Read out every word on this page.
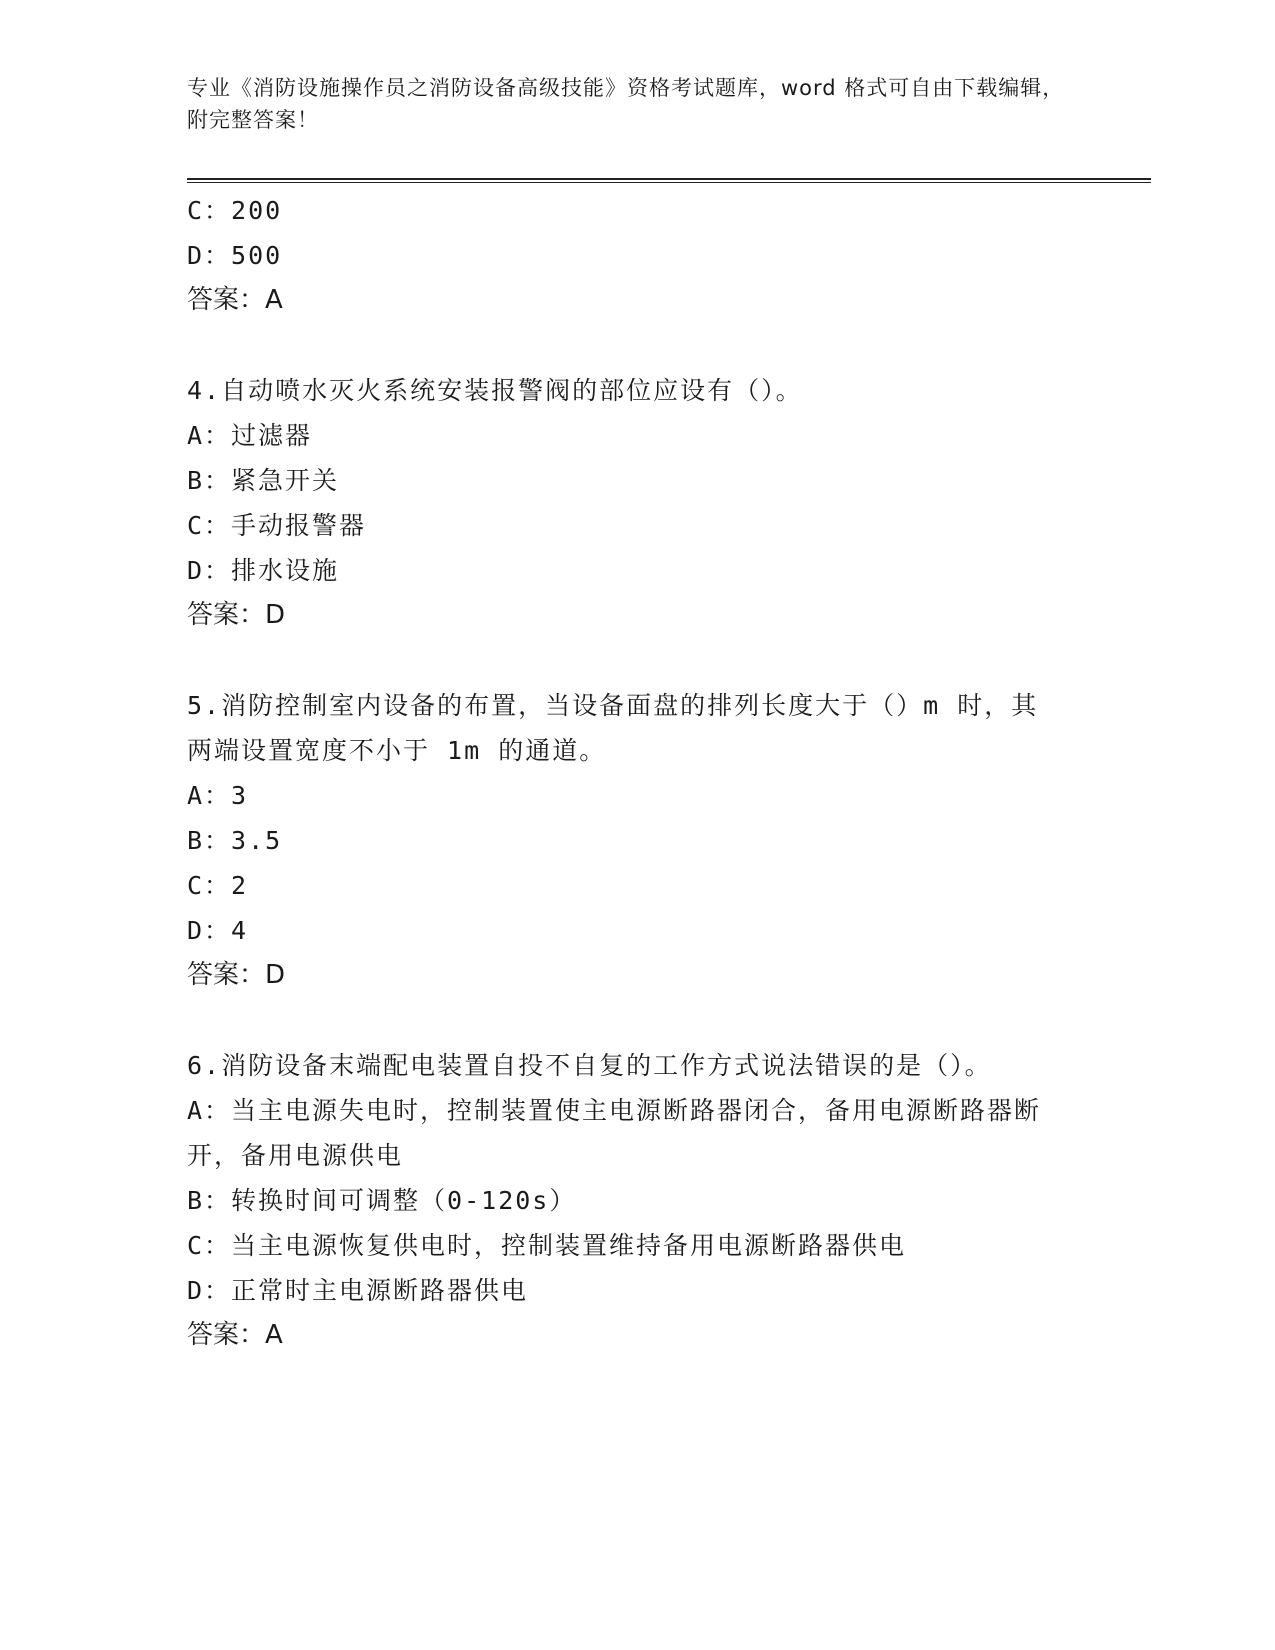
专业《消防设施操作员之消防设备高级技能》资格考试题库，word 格式可自由下载编辑，附完整答案！
C：200
D：500
答案：A
4.自动喷水灭火系统安装报警阀的部位应设有（）。
A：过滤器
B：紧急开关
C：手动报警器
D：排水设施
答案：D
5.消防控制室内设备的布置，当设备面盘的排列长度大于（）m 时，其两端设置宽度不小于 1m 的通道。
A：3
B：3.5
C：2
D：4
答案：D
6.消防设备末端配电装置自投不自复的工作方式说法错误的是（）。
A：当主电源失电时，控制装置使主电源断路器闭合，备用电源断路器断开，备用电源供电
B：转换时间可调整（0-120s）
C：当主电源恢复供电时，控制装置维持备用电源断路器供电
D：正常时主电源断路器供电
答案：A
